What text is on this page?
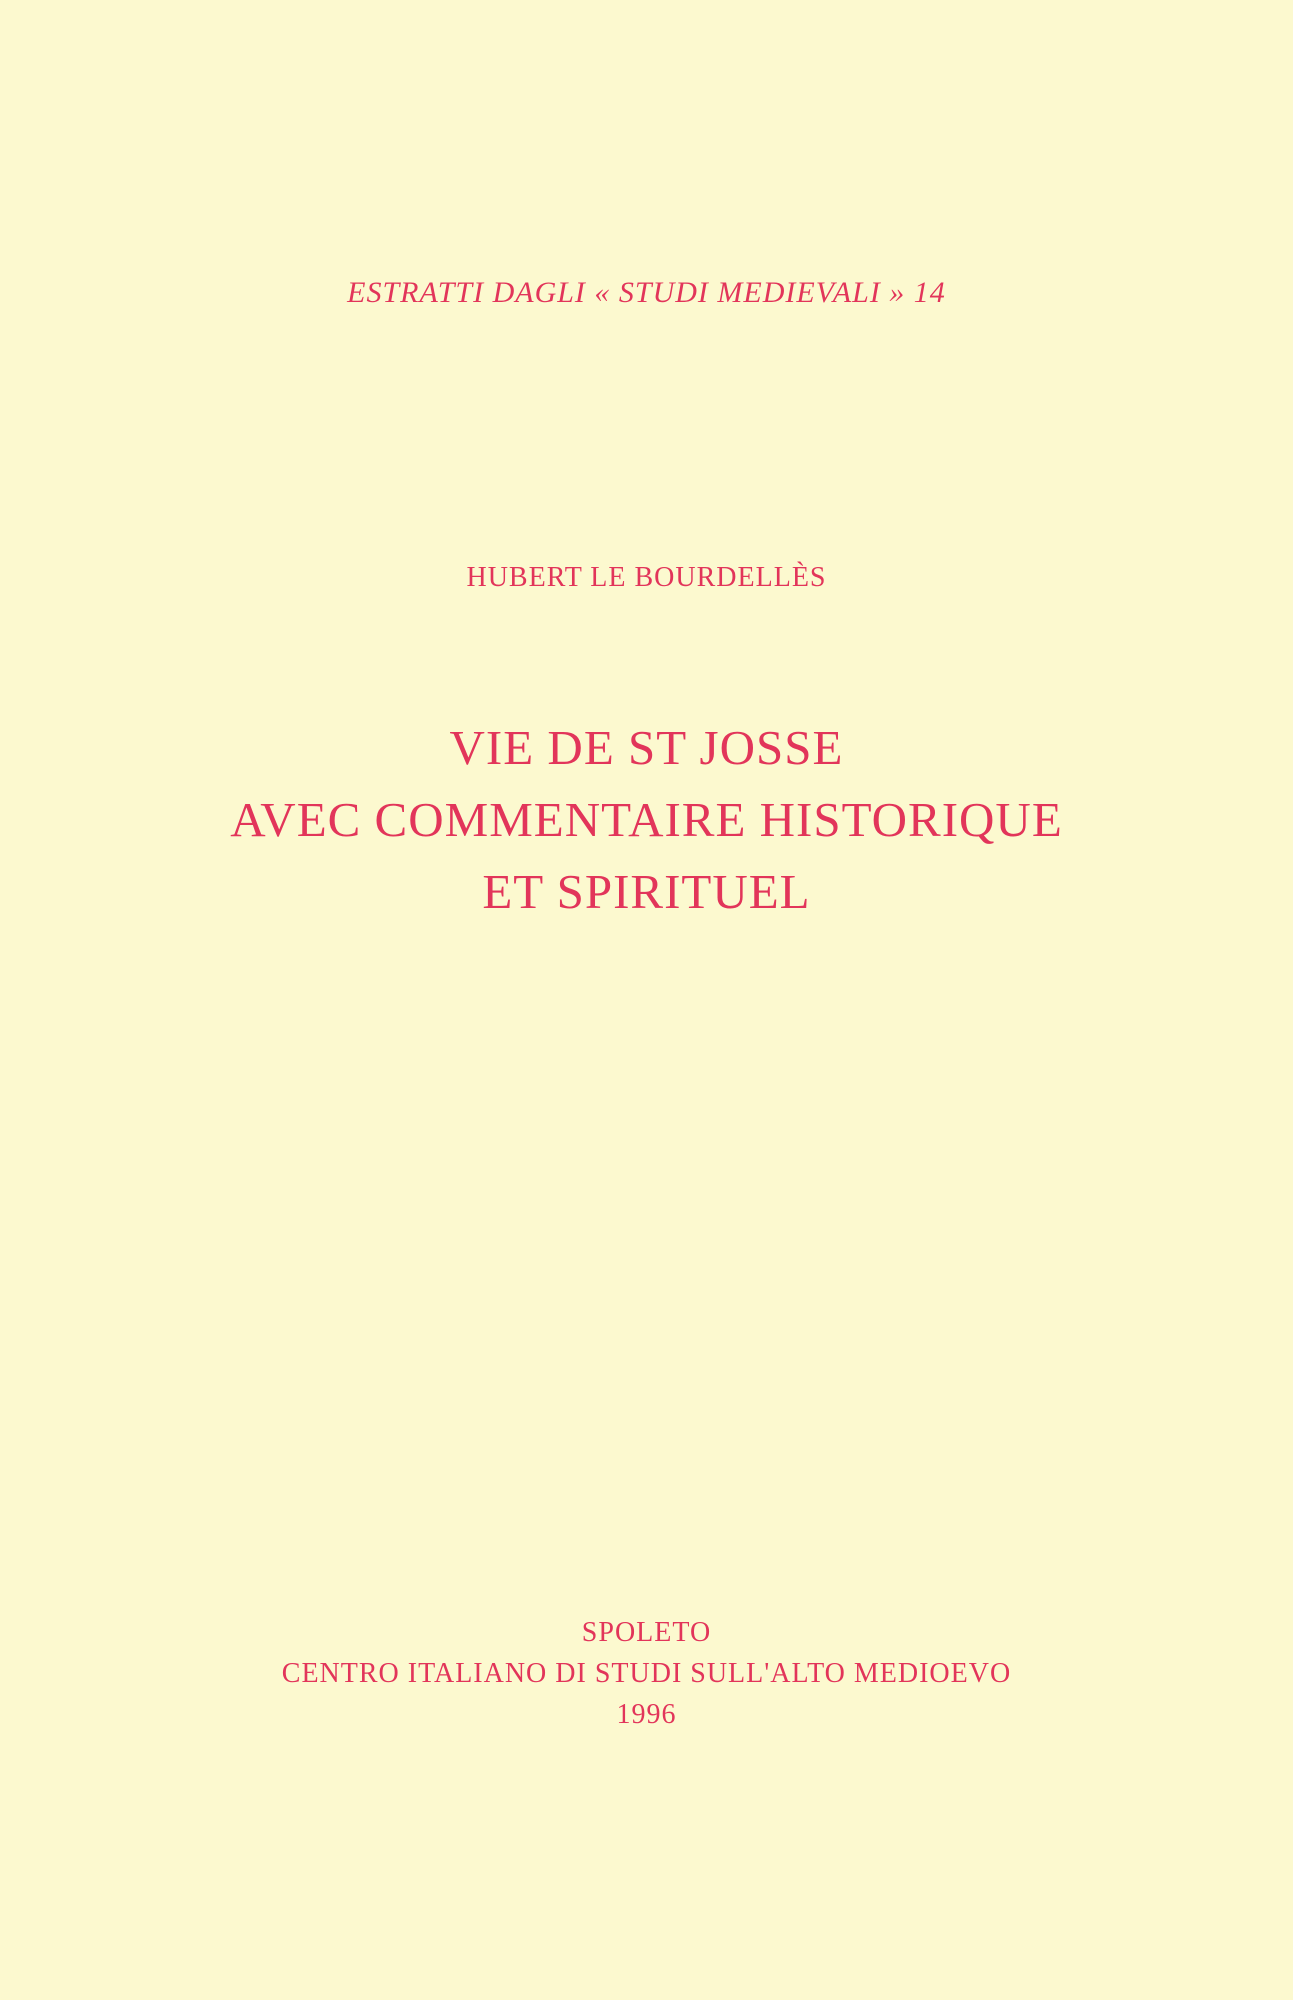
ESTRATTI DAGLI « STUDI MEDIEVALI » 14
HUBERT LE BOURDELLÈS
VIE DE ST JOSSE
AVEC COMMENTAIRE HISTORIQUE
ET SPIRITUEL
SPOLETO
CENTRO ITALIANO DI STUDI SULL'ALTO MEDIOEVO
1996
